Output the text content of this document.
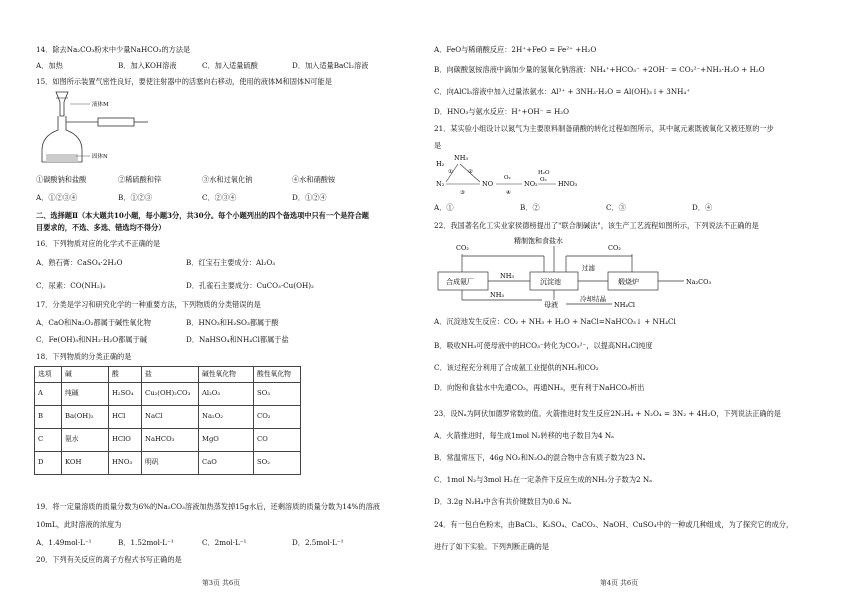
14．除去Na₂CO₃粉末中少量NaHCO₃的方法是
A．加热	B．加入KOH溶液	C．加入适量硫酸	D．加入适量BaCl₂溶液
15．如图所示装置气密性良好，要使注射器中的活塞向右移动，使用的液体M和固体N可能是
液体M
固体N
①碳酸钠和盐酸	②稀硫酸和锌	③水和过氧化钠	④水和硝酸铵
A．①②③④	B．①②③	C．②③④	D．①②④
二、选择题Ⅱ（本大题共10小题，每小题3分，共30分。每个小题列出的四个备选项中只有一个是符合题
目要求的，不选、多选、错选均不得分）
16．下列物质对应的化学式不正确的是
A．熟石膏：CaSO₄·2H₂O	B．红宝石主要成分：Al₂O₃
C．尿素：CO(NH₂)₂	D．孔雀石主要成分：CuCO₃·Cu(OH)₂
17．分类是学习和研究化学的一种重要方法，下列物质的分类错误的是
A．CaO和Na₂O₂都属于碱性氧化物	B．HNO₃和H₂SO₃都属于酸
C．Fe(OH)₃和NH₃·H₂O都属于碱	D．NaHSO₄和NH₄Cl都属于盐
18．下列物质的分类正确的是
选项	碱	酸	盐	碱性氧化物	酸性氧化物
A	纯碱	H₂SO₄	Cu₂(OH)₂CO₃	Al₂O₃	SO₃
B	Ba(OH)₂	HCl	NaCl	Na₂O₂	CO₂
C	氨水	HClO	NaHCO₃	MgO	CO
D	KOH	HNO₃	明矾	CaO	SO₂
19．将一定量溶质的质量分数为6%的Na₂CO₃溶液加热蒸发掉15g水后，还剩溶质的质量分数为14%的溶液
10mL，此时溶液的浓度为
A．1.49mol·L⁻¹	B．1.52mol·L⁻¹	C．2mol·L⁻¹	D．2.5mol·L⁻¹
20．下列有关反应的离子方程式书写正确的是
第3页 共6页
A．FeO与稀硝酸反应：2H⁺+FeO = Fe²⁺ +H₂O
B．向碳酸氢铵溶液中滴加少量的氢氧化钠溶液：NH₄⁺+HCO₃⁻ +2OH⁻ = CO₃²⁻+NH₃·H₂O + H₂O
C．向AlCl₃溶液中加入过量浓氨水：Al³⁺ + 3NH₃·H₂O = Al(OH)₃↓+ 3NH₄⁺
D．HNO₃与氨水反应：H⁺+OH⁻ = H₂O
21．某实验小组设计以氮气为主要原料制备硝酸的转化过程如图所示，其中氮元素既被氧化又被还原的一步
是
H₂
NH₃
N₂	NO	NO₂	HNO₃
O₂
H₂O
O₂
①	②
③	④
A．①	B．②	C．③	D．④
22．我国著名化工实业家侯德榜提出了"联合制碱法"，该生产工艺流程如图所示，下列说法不正确的是
精制饱和食盐水
CO₂	CO₂
合成氨厂	沉淀池	煅烧炉
NH₃
过滤
Na₂CO₃
母液
NH₃	冷却结晶
NH₄Cl
A．沉淀池发生反应：CO₂ + NH₃ + H₂O + NaCl=NaHCO₃↓ + NH₄Cl
B．吸收NH₃可使母液中的HCO₃⁻转化为CO₃²⁻，以提高NH₄Cl纯度
C．该过程充分利用了合成氨工业提供的NH₃和CO₂
D．向饱和食盐水中先通CO₂，再通NH₃，更有利于NaHCO₃析出
23．设Nₐ为阿伏加德罗常数的值。火箭推进时发生反应2N₂H₄ + N₂O₄ = 3N₂ + 4H₂O，下列说法正确的是
A．火箭推进时，每生成1mol N₂转移的电子数目为4 Nₐ
B．常温常压下，46g NO₂和N₂O₄的混合物中含有质子数为23 Nₐ
C．1mol N₂与3mol H₂在一定条件下反应生成的NH₃分子数为2 Nₐ
D．3.2g N₂H₄中含有共价键数目为0.6 Nₐ
24．有一包白色粉末，由BaCl₂、K₂SO₄、CaCO₃、NaOH、CuSO₄中的一种或几种组成，为了探究它的成分，
进行了如下实验。下列判断正确的是
第4页 共6页
